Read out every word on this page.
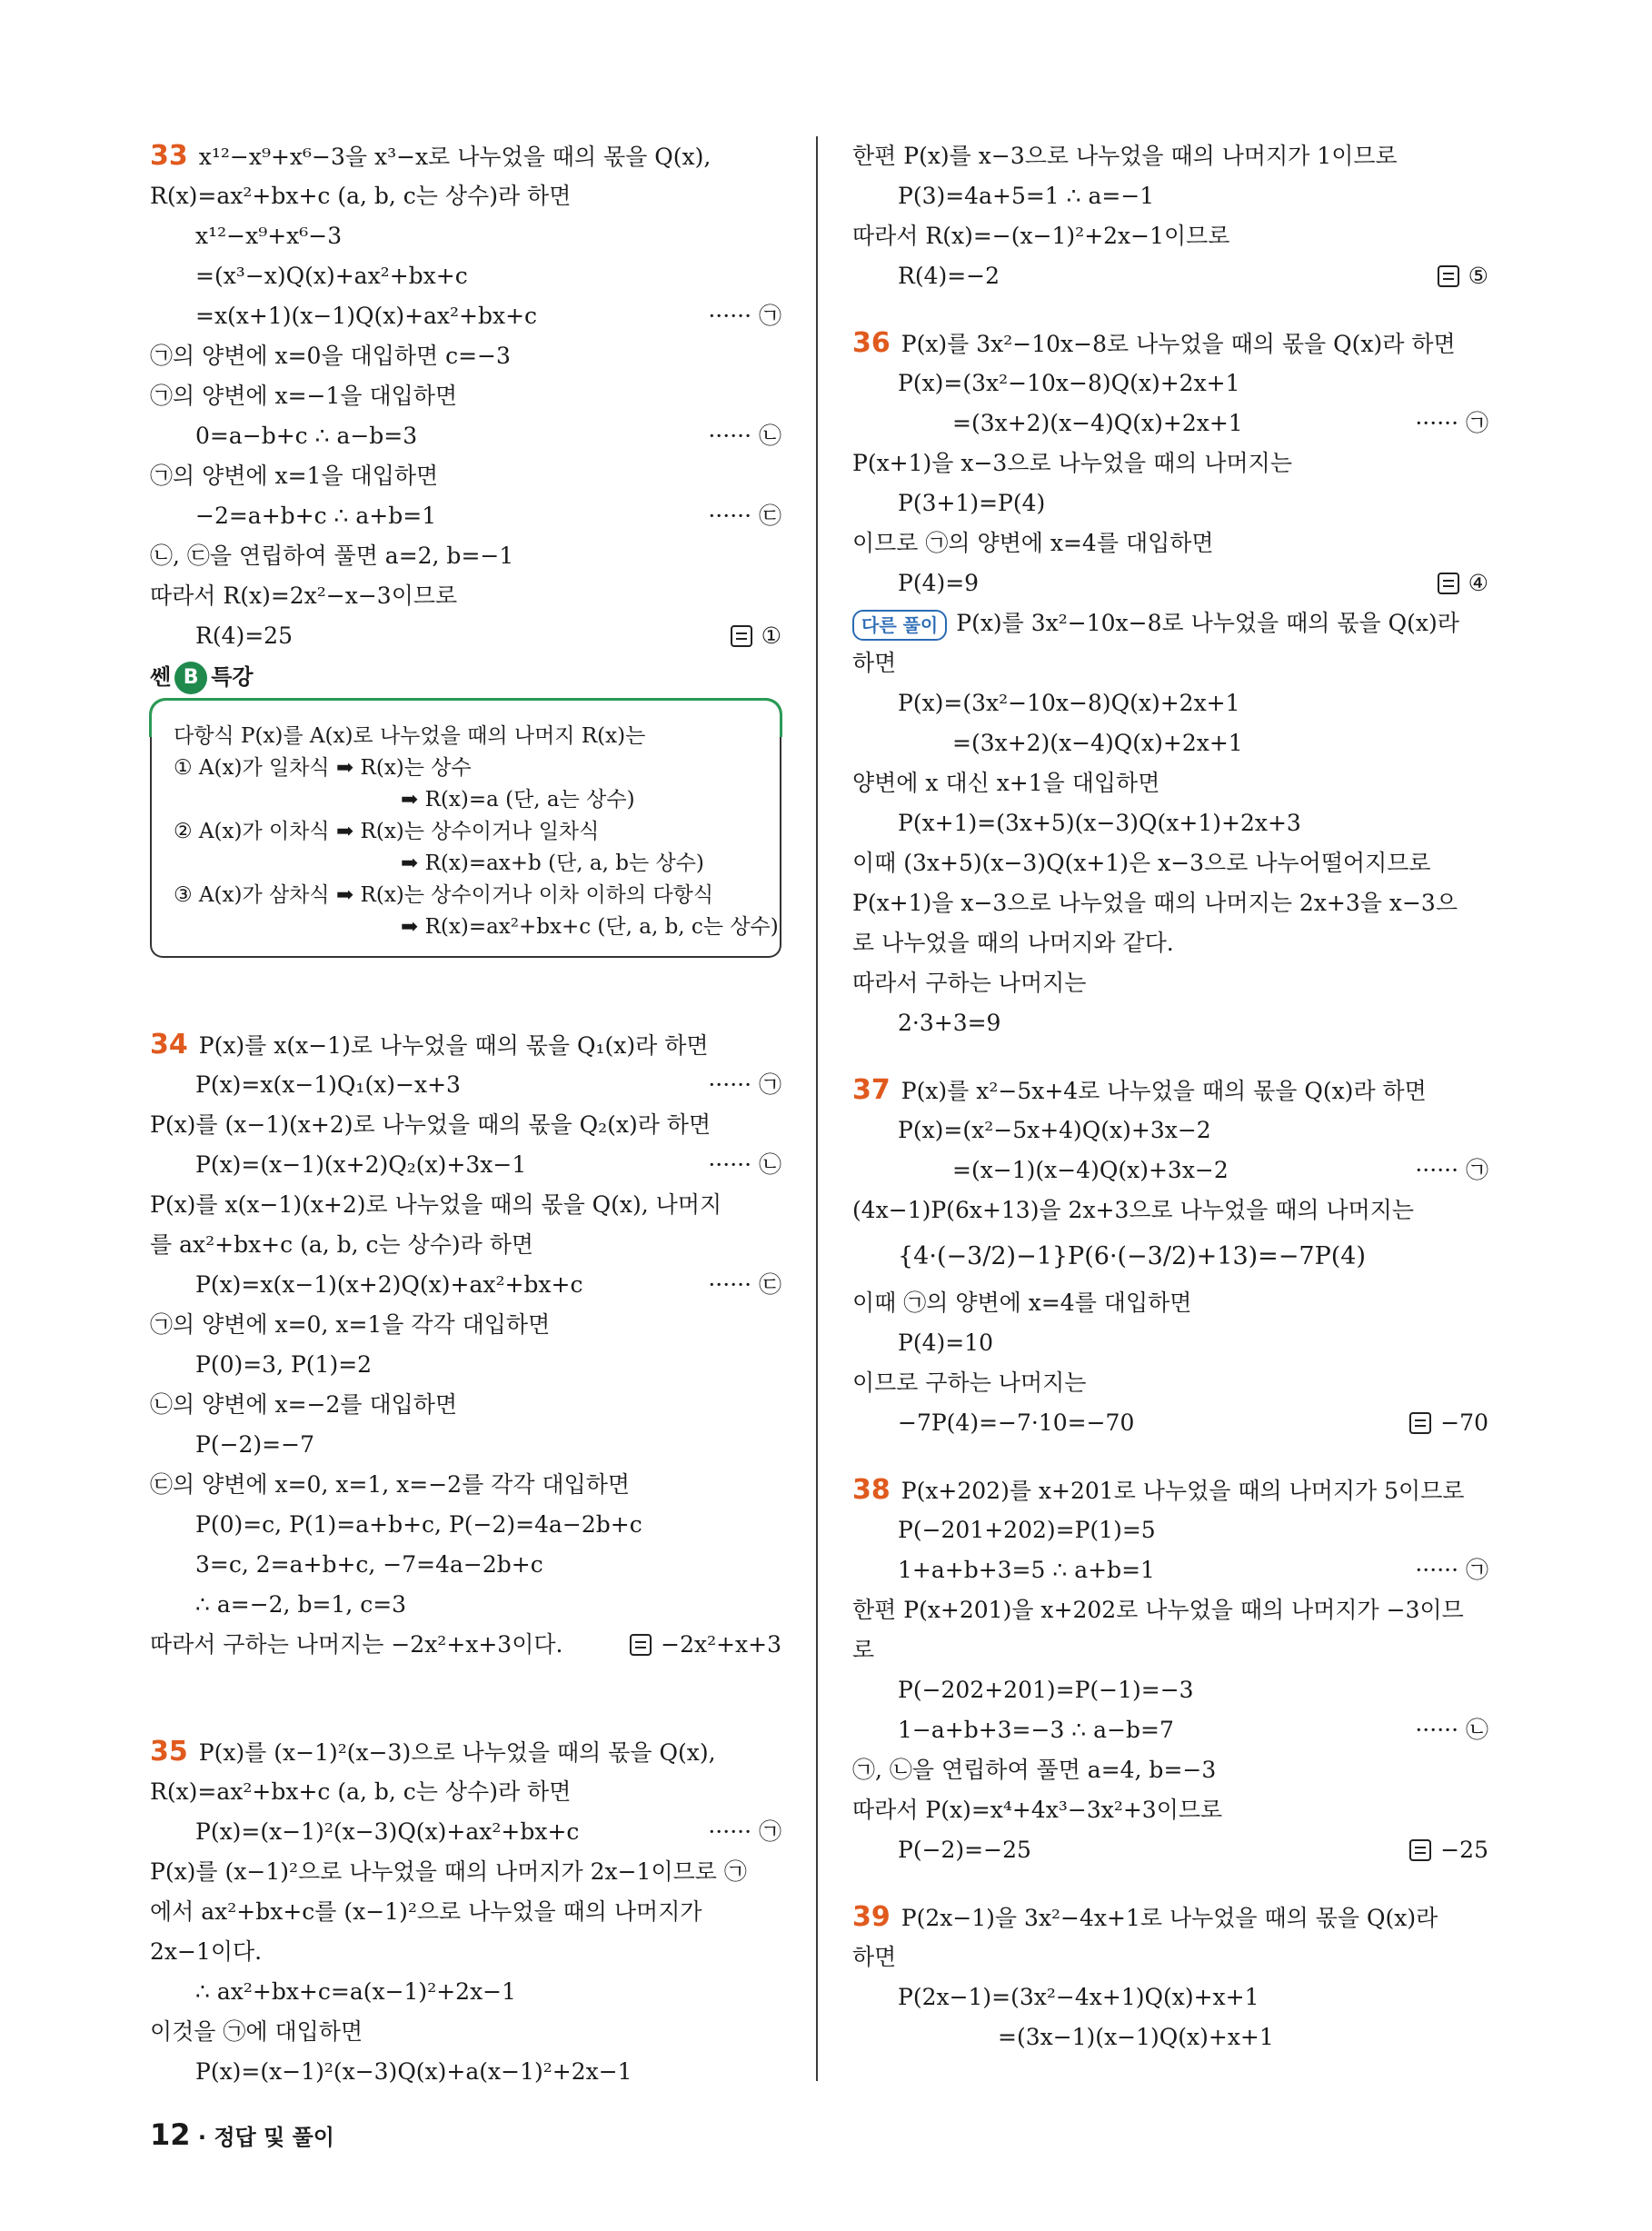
33 x¹²−x⁹+x⁶−3을 x³−x로 나누었을 때의 몫을 Q(x),
R(x)=ax²+bx+c (a, b, c는 상수)라 하면
x¹²−x⁹+x⁶−3
=(x³−x)Q(x)+ax²+bx+c
=x(x+1)(x−1)Q(x)+ax²+bx+c	······ ㉠
㉠의 양변에 x=0을 대입하면 c=−3
㉠의 양변에 x=−1을 대입하면
0=a−b+c ∴ a−b=3	······ ㉡
㉠의 양변에 x=1을 대입하면
−2=a+b+c ∴ a+b=1	······ ㉢
㉡, ㉢을 연립하여 풀면 a=2, b=−1
따라서 R(x)=2x²−x−3이므로
R(4)=25	①
쎈 B 특강
다항식 P(x)를 A(x)로 나누었을 때의 나머지 R(x)는
① A(x)가 일차식 ➡ R(x)는 상수
➡ R(x)=a (단, a는 상수)
② A(x)가 이차식 ➡ R(x)는 상수이거나 일차식
➡ R(x)=ax+b (단, a, b는 상수)
③ A(x)가 삼차식 ➡ R(x)는 상수이거나 이차 이하의 다항식
➡ R(x)=ax²+bx+c (단, a, b, c는 상수)
34 P(x)를 x(x−1)로 나누었을 때의 몫을 Q₁(x)라 하면
P(x)=x(x−1)Q₁(x)−x+3	······ ㉠
P(x)를 (x−1)(x+2)로 나누었을 때의 몫을 Q₂(x)라 하면
P(x)=(x−1)(x+2)Q₂(x)+3x−1	······ ㉡
P(x)를 x(x−1)(x+2)로 나누었을 때의 몫을 Q(x), 나머지
를 ax²+bx+c (a, b, c는 상수)라 하면
P(x)=x(x−1)(x+2)Q(x)+ax²+bx+c	······ ㉢
㉠의 양변에 x=0, x=1을 각각 대입하면
P(0)=3, P(1)=2
㉡의 양변에 x=−2를 대입하면
P(−2)=−7
㉢의 양변에 x=0, x=1, x=−2를 각각 대입하면
P(0)=c, P(1)=a+b+c, P(−2)=4a−2b+c
3=c, 2=a+b+c, −7=4a−2b+c
∴ a=−2, b=1, c=3
따라서 구하는 나머지는 −2x²+x+3이다.	−2x²+x+3
35 P(x)를 (x−1)²(x−3)으로 나누었을 때의 몫을 Q(x),
R(x)=ax²+bx+c (a, b, c는 상수)라 하면
P(x)=(x−1)²(x−3)Q(x)+ax²+bx+c	······ ㉠
P(x)를 (x−1)²으로 나누었을 때의 나머지가 2x−1이므로 ㉠
에서 ax²+bx+c를 (x−1)²으로 나누었을 때의 나머지가
2x−1이다.
∴ ax²+bx+c=a(x−1)²+2x−1
이것을 ㉠에 대입하면
P(x)=(x−1)²(x−3)Q(x)+a(x−1)²+2x−1
한편 P(x)를 x−3으로 나누었을 때의 나머지가 1이므로
P(3)=4a+5=1 ∴ a=−1
따라서 R(x)=−(x−1)²+2x−1이므로
R(4)=−2	⑤
36 P(x)를 3x²−10x−8로 나누었을 때의 몫을 Q(x)라 하면
P(x)=(3x²−10x−8)Q(x)+2x+1
=(3x+2)(x−4)Q(x)+2x+1	······ ㉠
P(x+1)을 x−3으로 나누었을 때의 나머지는
P(3+1)=P(4)
이므로 ㉠의 양변에 x=4를 대입하면
P(4)=9	④
다른 풀이 P(x)를 3x²−10x−8로 나누었을 때의 몫을 Q(x)라
하면
P(x)=(3x²−10x−8)Q(x)+2x+1
=(3x+2)(x−4)Q(x)+2x+1
양변에 x 대신 x+1을 대입하면
P(x+1)=(3x+5)(x−3)Q(x+1)+2x+3
이때 (3x+5)(x−3)Q(x+1)은 x−3으로 나누어떨어지므로
P(x+1)을 x−3으로 나누었을 때의 나머지는 2x+3을 x−3으
로 나누었을 때의 나머지와 같다.
따라서 구하는 나머지는
2·3+3=9
37 P(x)를 x²−5x+4로 나누었을 때의 몫을 Q(x)라 하면
P(x)=(x²−5x+4)Q(x)+3x−2
=(x−1)(x−4)Q(x)+3x−2	······ ㉠
(4x−1)P(6x+13)을 2x+3으로 나누었을 때의 나머지는
{4·(−3/2)−1}P(6·(−3/2)+13)=−7P(4)
이때 ㉠의 양변에 x=4를 대입하면
P(4)=10
이므로 구하는 나머지는
−7P(4)=−7·10=−70	−70
38 P(x+202)를 x+201로 나누었을 때의 나머지가 5이므로
P(−201+202)=P(1)=5
1+a+b+3=5 ∴ a+b=1	······ ㉠
한편 P(x+201)을 x+202로 나누었을 때의 나머지가 −3이므
로
P(−202+201)=P(−1)=−3
1−a+b+3=−3 ∴ a−b=7	······ ㉡
㉠, ㉡을 연립하여 풀면 a=4, b=−3
따라서 P(x)=x⁴+4x³−3x²+3이므로
P(−2)=−25	−25
39 P(2x−1)을 3x²−4x+1로 나누었을 때의 몫을 Q(x)라
하면
P(2x−1)=(3x²−4x+1)Q(x)+x+1
=(3x−1)(x−1)Q(x)+x+1
12 · 정답 및 풀이
